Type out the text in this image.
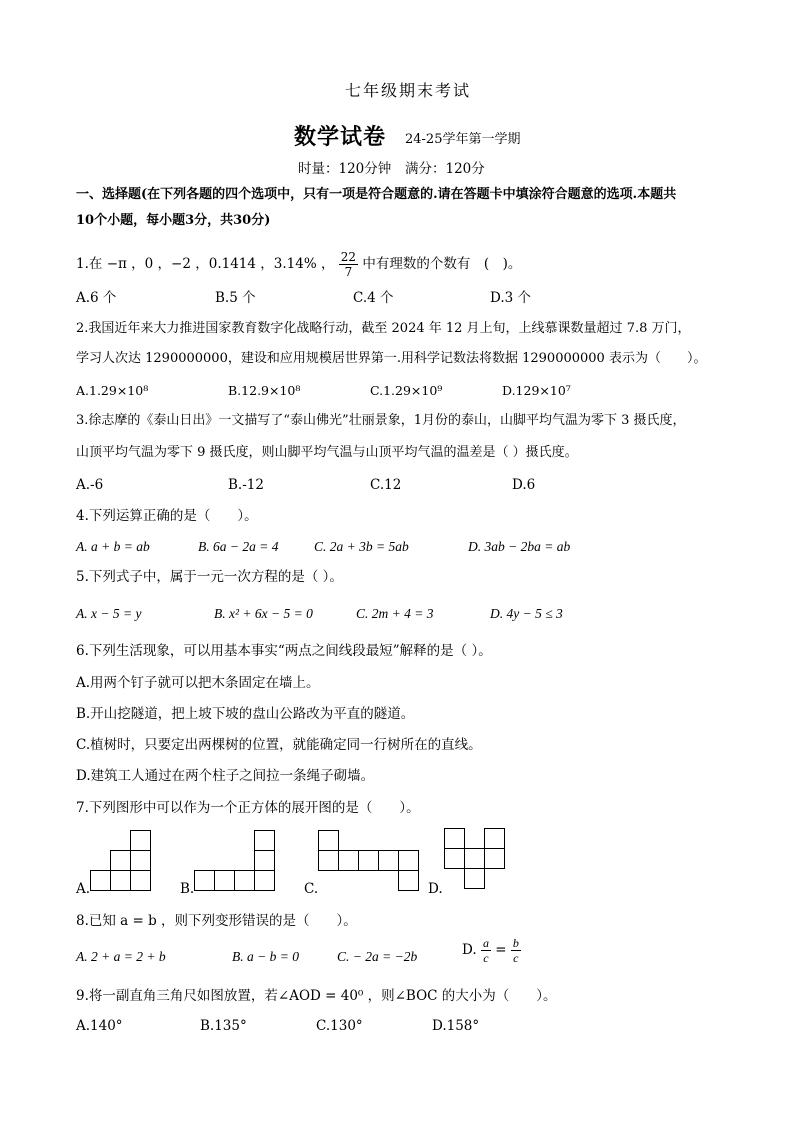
七年级期末考试
数学试卷 24-25学年第一学期
时量：120分钟 满分：120分
一、选择题(在下列各题的四个选项中，只有一项是符合题意的.请在答题卡中填涂符合题意的选项.本题共
10个小题，每小题3分，共30分)
1.在 −π ，0 ，−2 ，0.1414 ，3.14% ， $\frac{22}{7}$ 中有理数的个数有　(　)。
A.6 个	B.5 个	C.4 个	D.3 个
2.我国近年来大力推进国家教育数字化战略行动，截至 2024 年 12 月上旬，上线慕课数量超过 7.8 万门，
学习人次达 1290000000，建设和应用规模居世界第一.用科学记数法将数据 1290000000 表示为（　　）。
A.1.29×10⁸	B.12.9×10⁸	C.1.29×10⁹	D.129×10⁷
3.徐志摩的《泰山日出》一文描写了“泰山佛光”壮丽景象，1月份的泰山，山脚平均气温为零下 3 摄氏度，
山顶平均气温为零下 9 摄氏度，则山脚平均气温与山顶平均气温的温差是（ ）摄氏度。
A.-6	B.-12	C.12	D.6
4.下列运算正确的是（　　）。
A. a + b = ab	B. 6a − 2a = 4	C. 2a + 3b = 5ab	D. 3ab − 2ba = ab
5.下列式子中，属于一元一次方程的是（ ）。
A. x − 5 = y	B. x² + 6x − 5 = 0	C. 2m + 4 = 3	D. 4y − 5 ≤ 3
6.下列生活现象，可以用基本事实“两点之间线段最短”解释的是（ ）。
A.用两个钉子就可以把木条固定在墙上。
B.开山挖隧道，把上坡下坡的盘山公路改为平直的隧道。
C.植树时，只要定出两棵树的位置，就能确定同一行树所在的直线。
D.建筑工人通过在两个柱子之间拉一条绳子砌墙。
7.下列图形中可以作为一个正方体的展开图的是（　　）。
A.	B.	C.	D.
8.已知 a = b ，则下列变形错误的是（　　）。
A. 2 + a = 2 + b	B. a − b = 0	C. − 2a = −2b	D. $\frac{a}{c} = \frac{b}{c}$
9.将一副直角三角尺如图放置，若∠AOD = 40⁰ ，则∠BOC 的大小为（　　）。
A.140°	B.135°	C.130°	D.158°
